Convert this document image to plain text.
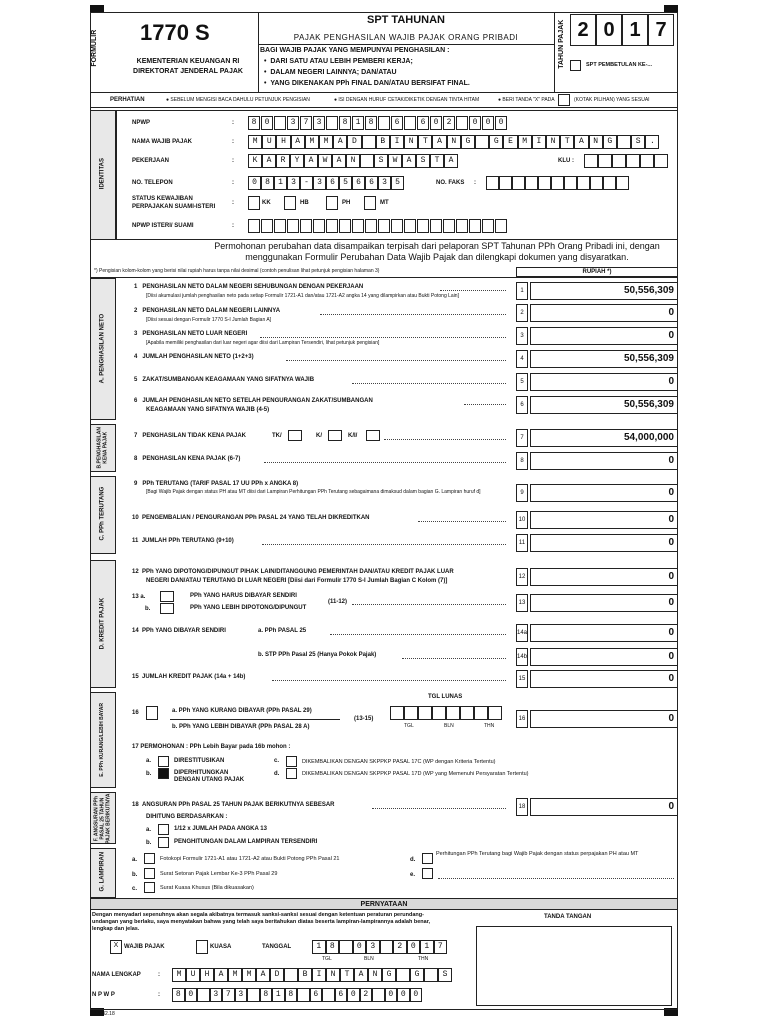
FORMULIR 1770 S
KEMENTERIAN KEUANGAN RI
DIREKTORAT JENDERAL PAJAK
SPT TAHUNAN
PAJAK PENGHASILAN WAJIB PAJAK ORANG PRIBADI
BAGI WAJIB PAJAK YANG MEMPUNYAI PENGHASILAN :
•  DARI SATU ATAU LEBIH PEMBERI KERJA;
•  DALAM NEGERI LAINNYA; DAN/ATAU
•  YANG DIKENAKAN PPh FINAL DAN/ATAU BERSIFAT FINAL.
TAHUN PAJAK 2 0 1 7
SPT PEMBETULAN KE-...
PERHATIAN	● SEBELUM MENGISI BACA DAHULU PETUNJUK PENGISIAN	● ISI DENGAN HURUF CETAK/DIKETIK DENGAN TINTA HITAM	● BERI TANDA "X" PADA	(KOTAK PILIHAN) YANG SESUAI
IDENTITAS
NPWP	:	8	0	3	7	3	8	1	8	6	6	0	2	0	0	0
NAMA WAJIB PAJAK	:	M	U	H	A	M	M	A	D	B	I	N	T	A	N	G	G	E	M	I	N	T	A	N	G	S	.
PEKERJAAN	:	K	A	R	Y	A	W	A	N	S	W	A	S	T	A	KLU :
NO. TELEPON	:	0	8	1	3	-	3	6	5	6	6	3	5	NO. FAKS :
STATUS KEWAJIBAN
PERPAJAKAN SUAMI-ISTERI
:	KK	HB	PH	MT
NPWP ISTERI/ SUAMI	:
Permohonan perubahan data disampaikan terpisah dari pelaporan SPT Tahunan PPh Orang Pribadi ini, dengan menggunakan Formulir Perubahan Data Wajib Pajak dan dilengkapi dokumen yang disyaratkan.
*) Pengisian kolom-kolom yang berisi nilai rupiah harus tanpa nilai desimal (contoh penulisan lihat petunjuk pengisian halaman 3)	RUPIAH *)
A. PENGHASILAN NETO
B.PENGHASILAN
KENA PAJAK
C. PPh TERUTANG
D. KREDIT PAJAK
E. PPh KURANG/LEBIH BAYAR
F. ANGSURAN PPh
PASAL 25 TAHUN
PAJAK BERIKUTNYA
G. LAMPIRAN
1   PENGHASILAN NETO DALAM NEGERI SEHUBUNGAN DENGAN PEKERJAAN
[Diisi akumulasi jumlah penghasilan neto pada setiap Formulir 1721-A1 dan/atau 1721-A2 angka 14 yang dilampirkan atau Bukti Potong Lain]
1	50,556,309
2   PENGHASILAN NETO DALAM NEGERI LAINNYA
[Diisi sesuai dengan Formulir 1770 S-I Jumlah Bagian A]
2	0
3   PENGHASILAN NETO LUAR NEGERI
[Apabila memiliki penghasilan dari luar negeri agar diisi dari Lampiran Tersendiri, lihat petunjuk pengisian]
3	0
4   JUMLAH PENGHASILAN NETO (1+2+3)	4	50,556,309
5   ZAKAT/SUMBANGAN KEAGAMAAN YANG SIFATNYA WAJIB	5	0
6   JUMLAH PENGHASILAN NETO SETELAH PENGURANGAN ZAKAT/SUMBANGAN
KEAGAMAAN YANG SIFATNYA WAJIB (4-5)
6	50,556,309
7   PENGHASILAN TIDAK KENA PAJAK	TK/	K/	K/I/	7	54,000,000
8   PENGHASILAN KENA PAJAK (6-7)	8	0
9   PPh TERUTANG (TARIF PASAL 17 UU PPh x ANGKA 8)
[Bagi Wajib Pajak dengan status PH atau MT diisi dari Lampiran Perhitungan PPh Terutang sebagaimana dimaksud dalam bagian G. Lampiran huruf d]	9	0
10  PENGEMBALIAN / PENGURANGAN PPh PASAL 24 YANG TELAH DIKREDITKAN	10	0
11  JUMLAH PPh TERUTANG (9+10)	11	0
12  PPh YANG DIPOTONG/DIPUNGUT PIHAK LAIN/DITANGGUNG PEMERINTAH DAN/ATAU KREDIT PAJAK LUAR
NEGERI DAN/ATAU TERUTANG DI LUAR NEGERI [Diisi dari Formulir 1770 S-I Jumlah Bagian C Kolom (7)]
12	0
13 a.	PPh YANG HARUS DIBAYAR SENDIRI
b.	PPh YANG LEBIH DIPOTONG/DIPUNGUT
(11-12)	13	0
14  PPh YANG DIBAYAR SENDIRI	a. PPh PASAL 25	14a	0
b. STP PPh Pasal 25 (Hanya Pokok Pajak)	14b	0
15  JUMLAH KREDIT PAJAK (14a + 14b)	15	0
TGL LUNAS
16	a. PPh YANG KURANG DIBAYAR (PPh PASAL 29)
b. PPh YANG LEBIH DIBAYAR (PPh PASAL 28 A)
(13-15)
TGL	BLN	THN
16	0
17 PERMOHONAN : PPh Lebih Bayar pada 16b mohon :
a.	DIRESTITUSIKAN
b.	DIPERHITUNGKAN DENGAN UTANG PAJAK
c.	DIKEMBALIKAN DENGAN SKPPKP PASAL 17C (WP dengan Kriteria Tertentu)
d.	DIKEMBALIKAN DENGAN SKPPKP PASAL 17D (WP yang Memenuhi Persyaratan Tertentu)
18  ANGSURAN PPh PASAL 25 TAHUN PAJAK BERIKUTNYA SEBESAR	18	0
DIHITUNG BERDASARKAN :
a.	1/12 x JUMLAH PADA ANGKA 13
b.	PENGHITUNGAN DALAM LAMPIRAN TERSENDIRI
a.	Fotokopi Formulir 1721-A1 atau 1721-A2 atau Bukti Potong PPh Pasal 21
b.	Surat Setoran Pajak Lembar Ke-3 PPh Pasal 29
c.	Surat Kuasa Khusus (Bila dikuasakan)
d.
Perhitungan PPh Terutang bagi Wajib Pajak dengan status perpajakan PH atau MT
e.
PERNYATAAN
Dengan menyadari sepenuhnya akan segala akibatnya termasuk sanksi-sanksi sesuai dengan ketentuan peraturan perundang-undangan yang berlaku, saya menyatakan bahwa yang telah saya beritahukan diatas beserta lampiran-lampirannya adalah benar, lengkap dan jelas.
TANDA TANGAN
X WAJIB PAJAK	KUASA	TANGGAL	1	8	0	3	2	0	1	7
TGL	BLN	THN
NAMA LENGKAP	:	M	U	H	A	M	M	A	D	B	I	N	T	A	N	G	G	S
N P W P	:	8 0	3 7 3	8 1 8	6	6 0 2	0 0 0
F.1.1.32.18
